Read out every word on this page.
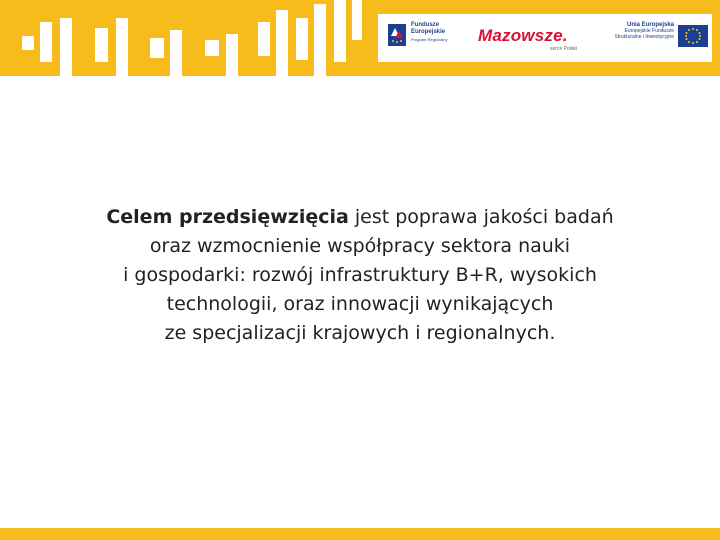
Fundusze
Europejskie
Program Regionalny	Mazowsze.
serce Polski
Unia Europejska
Europejskie Fundusze
Strukturalne i Inwestycyjne
Celem przedsięwzięcia jest poprawa jakości badań
oraz wzmocnienie współpracy sektora nauki
i gospodarki: rozwój infrastruktury B+R, wysokich
technologii, oraz innowacji wynikających
ze specjalizacji krajowych i regionalnych.
